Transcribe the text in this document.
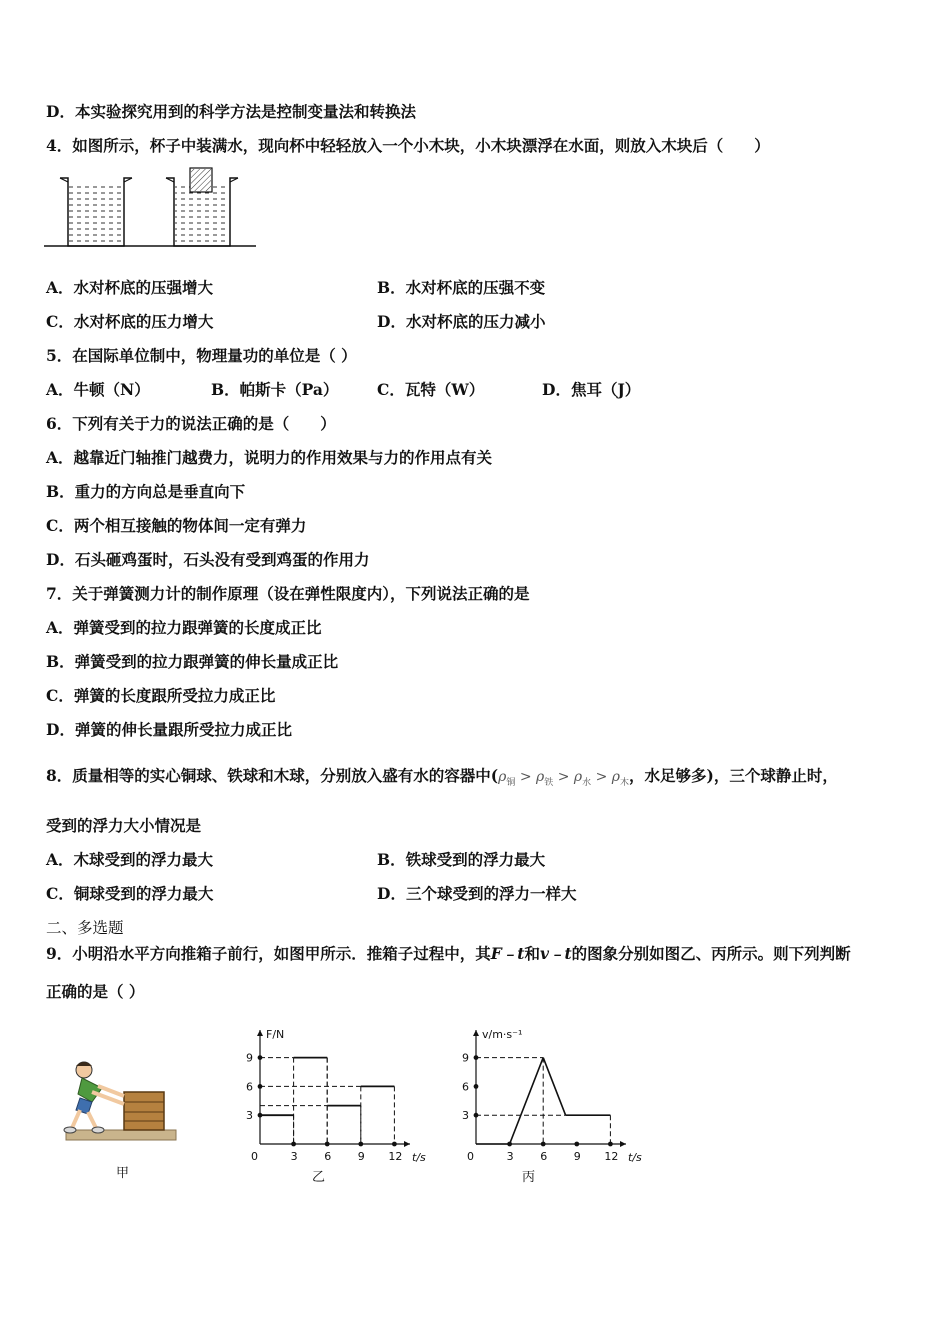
D．本实验探究用到的科学方法是控制变量法和转换法
4．如图所示，杯子中装满水，现向杯中轻轻放入一个小木块，小木块漂浮在水面，则放入木块后（　　）
A．水对杯底的压强增大	B．水对杯底的压强不变
C．水对杯底的压力增大	D．水对杯底的压力减小
5．在国际单位制中，物理量功的单位是（ ）
A．牛顿（N）	B．帕斯卡（Pa） C．瓦特（W）	D．焦耳（J）
6．下列有关于力的说法正确的是（　　）
A．越靠近门轴推门越费力，说明力的作用效果与力的作用点有关
B．重力的方向总是垂直向下
C．两个相互接触的物体间一定有弹力
D．石头砸鸡蛋时，石头没有受到鸡蛋的作用力
7．关于弹簧测力计的制作原理（设在弹性限度内），下列说法正确的是
A．弹簧受到的拉力跟弹簧的长度成正比
B．弹簧受到的拉力跟弹簧的伸长量成正比
C．弹簧的长度跟所受拉力成正比
D．弹簧的伸长量跟所受拉力成正比
8．质量相等的实心铜球、铁球和木球，分别放入盛有水的容器中($\rho_铜 > \rho_铁 > \rho_水 > \rho_木$，水足够多)，三个球静止时，
受到的浮力大小情况是
A．木球受到的浮力最大	B．铁球受到的浮力最大
C．铜球受到的浮力最大	D．三个球受到的浮力一样大
二、多选题
9．小明沿水平方向推箱子前行，如图甲所示．推箱子过程中，其F﹣t和v﹣t的图象分别如图乙、丙所示。则下列判断
正确的是（ ）
甲
F/N
t/s
0	3 6 9 12
3
6
9
乙
v/m·s⁻¹
t/s
0	3 6 9 12
3
6
9
丙
